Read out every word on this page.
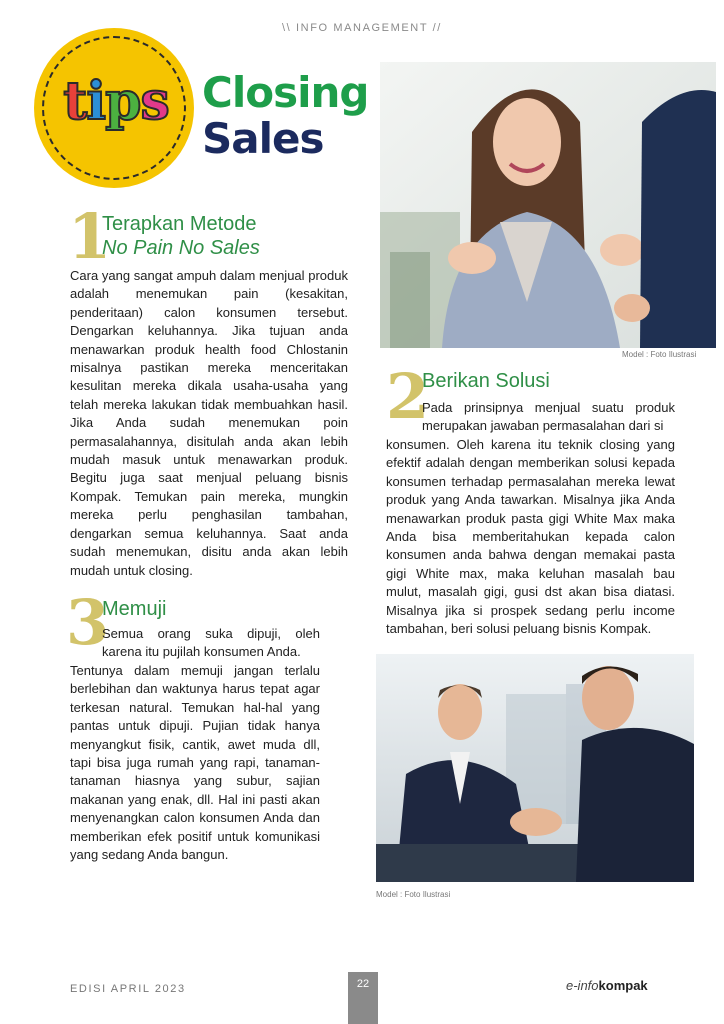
\\ INFO MANAGEMENT //
tips Closing
Sales
1
Terapkan Metode
No Pain No Sales
Cara yang sangat ampuh dalam menjual produk adalah menemukan pain (kesakitan, penderitaan) calon konsumen tersebut. Dengarkan keluhannya. Jika tujuan anda menawarkan produk health food Chlostanin misalnya pastikan mereka menceritakan kesulitan mereka dikala usaha-usaha yang telah mereka lakukan tidak membuahkan hasil. Jika Anda sudah menemukan poin permasalahannya, disitulah anda akan lebih mudah masuk untuk menawarkan produk. Begitu juga saat menjual peluang bisnis Kompak. Temukan pain mereka, mungkin mereka perlu penghasilan tambahan, dengarkan semua keluhannya. Saat anda sudah menemukan, disitu anda akan lebih mudah untuk closing.
Model : Foto Ilustrasi
2
Berikan Solusi
Pada prinsipnya menjual suatu produk merupakan jawaban permasalahan dari si
konsumen. Oleh karena itu teknik closing yang efektif adalah dengan memberikan solusi kepada konsumen terhadap permasalahan mereka lewat produk yang Anda tawarkan. Misalnya jika Anda menawarkan produk pasta gigi White Max maka Anda bisa memberitahukan kepada calon konsumen anda bahwa dengan memakai pasta gigi White max, maka keluhan masalah bau mulut, masalah gigi, gusi dst akan bisa diatasi. Misalnya jika si prospek sedang perlu income tambahan, beri solusi peluang bisnis Kompak.
3
Memuji
Semua orang suka dipuji, oleh karena itu pujilah konsumen Anda.
Tentunya dalam memuji jangan terlalu berlebihan dan waktunya harus tepat agar terkesan natural. Temukan hal-hal yang pantas untuk dipuji. Pujian tidak hanya menyangkut fisik, cantik, awet muda dll, tapi bisa juga rumah yang rapi, tanaman-tanaman hiasnya yang subur, sajian makanan yang enak, dll. Hal ini pasti akan menyenangkan calon konsumen Anda dan memberikan efek positif untuk komunikasi yang sedang Anda bangun.
Model : Foto Ilustrasi
EDISI APRIL 2023	22	e-infokompak
